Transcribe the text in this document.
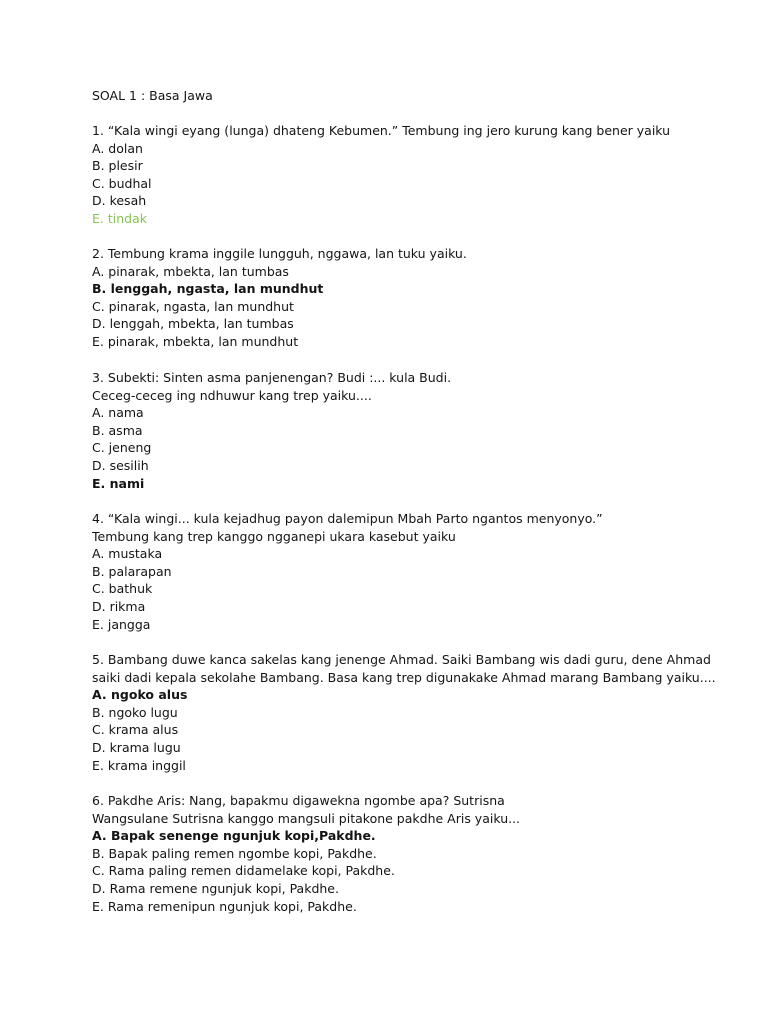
SOAL 1 : Basa Jawa
1. “Kala wingi eyang (lunga) dhateng Kebumen.” Tembung ing jero kurung kang bener yaiku
A. dolan
B. plesir
C. budhal
D. kesah
E. tindak
2. Tembung krama inggile lungguh, nggawa, lan tuku yaiku.
A. pinarak, mbekta, lan tumbas
B. lenggah, ngasta, lan mundhut
C. pinarak, ngasta, lan mundhut
D. lenggah, mbekta, lan tumbas
E. pinarak, mbekta, lan mundhut
3. Subekti: Sinten asma panjenengan? Budi :... kula Budi.
Ceceg-ceceg ing ndhuwur kang trep yaiku....
A. nama
B. asma
C. jeneng
D. sesilih
E. nami
4. “Kala wingi... kula kejadhug payon dalemipun Mbah Parto ngantos menyonyo.”
Tembung kang trep kanggo ngganepi ukara kasebut yaiku
A. mustaka
B. palarapan
C. bathuk
D. rikma
E. jangga
5. Bambang duwe kanca sakelas kang jenenge Ahmad. Saiki Bambang wis dadi guru, dene Ahmad
saiki dadi kepala sekolahe Bambang. Basa kang trep digunakake Ahmad marang Bambang yaiku....
A. ngoko alus
B. ngoko lugu
C. krama alus
D. krama lugu
E. krama inggil
6. Pakdhe Aris: Nang, bapakmu digawekna ngombe apa? Sutrisna
Wangsulane Sutrisna kanggo mangsuli pitakone pakdhe Aris yaiku...
A. Bapak senenge ngunjuk kopi,Pakdhe.
B. Bapak paling remen ngombe kopi, Pakdhe.
C. Rama paling remen didamelake kopi, Pakdhe.
D. Rama remene ngunjuk kopi, Pakdhe.
E. Rama remenipun ngunjuk kopi, Pakdhe.
